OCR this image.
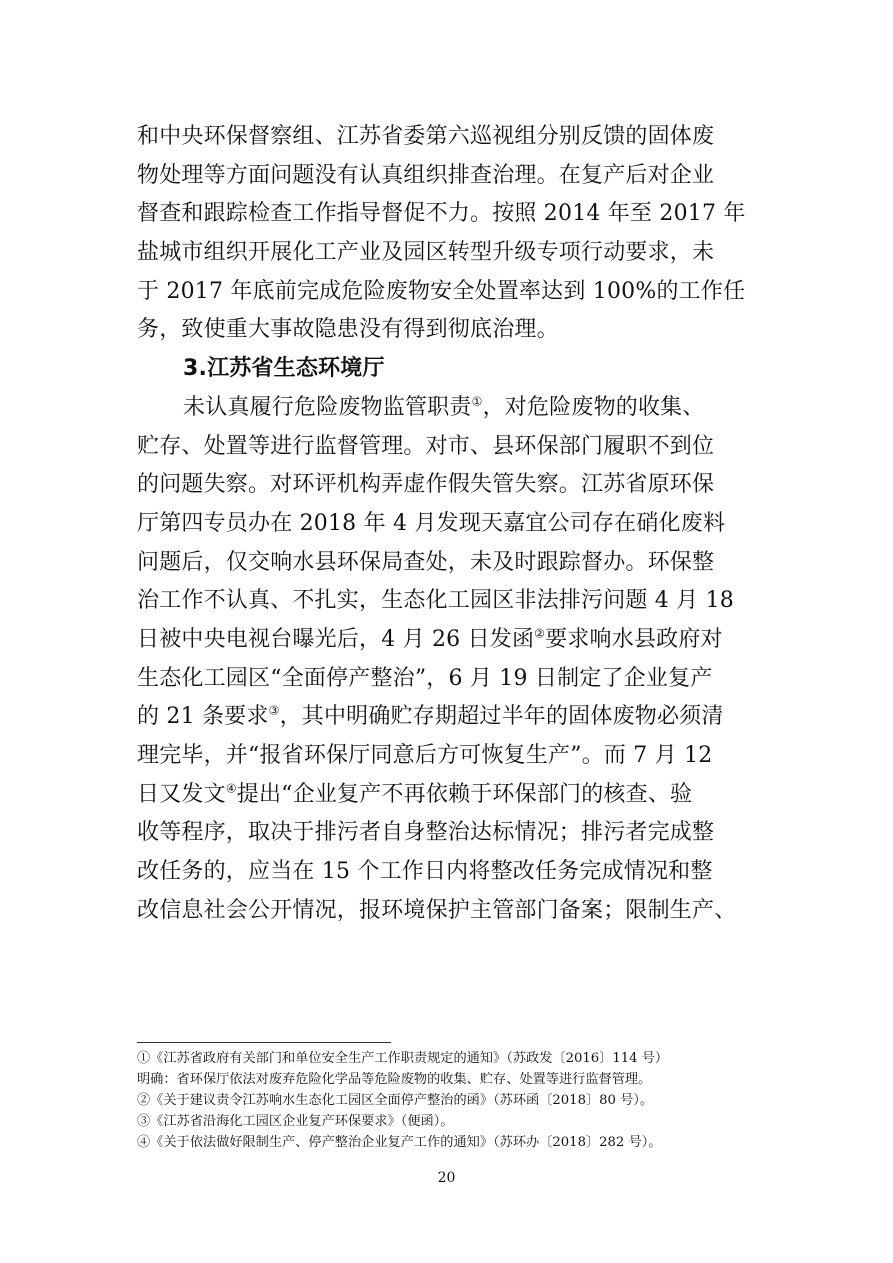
和中央环保督察组、江苏省委第六巡视组分别反馈的固体废
物处理等方面问题没有认真组织排查治理。在复产后对企业
督查和跟踪检查工作指导督促不力。按照 2014 年至 2017 年
盐城市组织开展化工产业及园区转型升级专项行动要求，未
于 2017 年底前完成危险废物安全处置率达到 100%的工作任
务，致使重大事故隐患没有得到彻底治理。
3.江苏省生态环境厅
未认真履行危险废物监管职责①，对危险废物的收集、
贮存、处置等进行监督管理。对市、县环保部门履职不到位
的问题失察。对环评机构弄虚作假失管失察。江苏省原环保
厅第四专员办在 2018 年 4 月发现天嘉宜公司存在硝化废料
问题后，仅交响水县环保局查处，未及时跟踪督办。环保整
治工作不认真、不扎实，生态化工园区非法排污问题 4 月 18
日被中央电视台曝光后，4 月 26 日发函②要求响水县政府对
生态化工园区“全面停产整治”，6 月 19 日制定了企业复产
的 21 条要求③，其中明确贮存期超过半年的固体废物必须清
理完毕，并“报省环保厅同意后方可恢复生产”。而 7 月 12
日又发文④提出“企业复产不再依赖于环保部门的核查、验
收等程序，取决于排污者自身整治达标情况；排污者完成整
改任务的，应当在 15 个工作日内将整改任务完成情况和整
改信息社会公开情况，报环境保护主管部门备案；限制生产、
①《江苏省政府有关部门和单位安全生产工作职责规定的通知》（苏政发〔2016〕114 号）
明确：省环保厅依法对废弃危险化学品等危险废物的收集、贮存、处置等进行监督管理。
②《关于建议责令江苏响水生态化工园区全面停产整治的函》（苏环函〔2018〕80 号）。
③《江苏省沿海化工园区企业复产环保要求》（便函）。
④《关于依法做好限制生产、停产整治企业复产工作的通知》（苏环办〔2018〕282 号）。
20
